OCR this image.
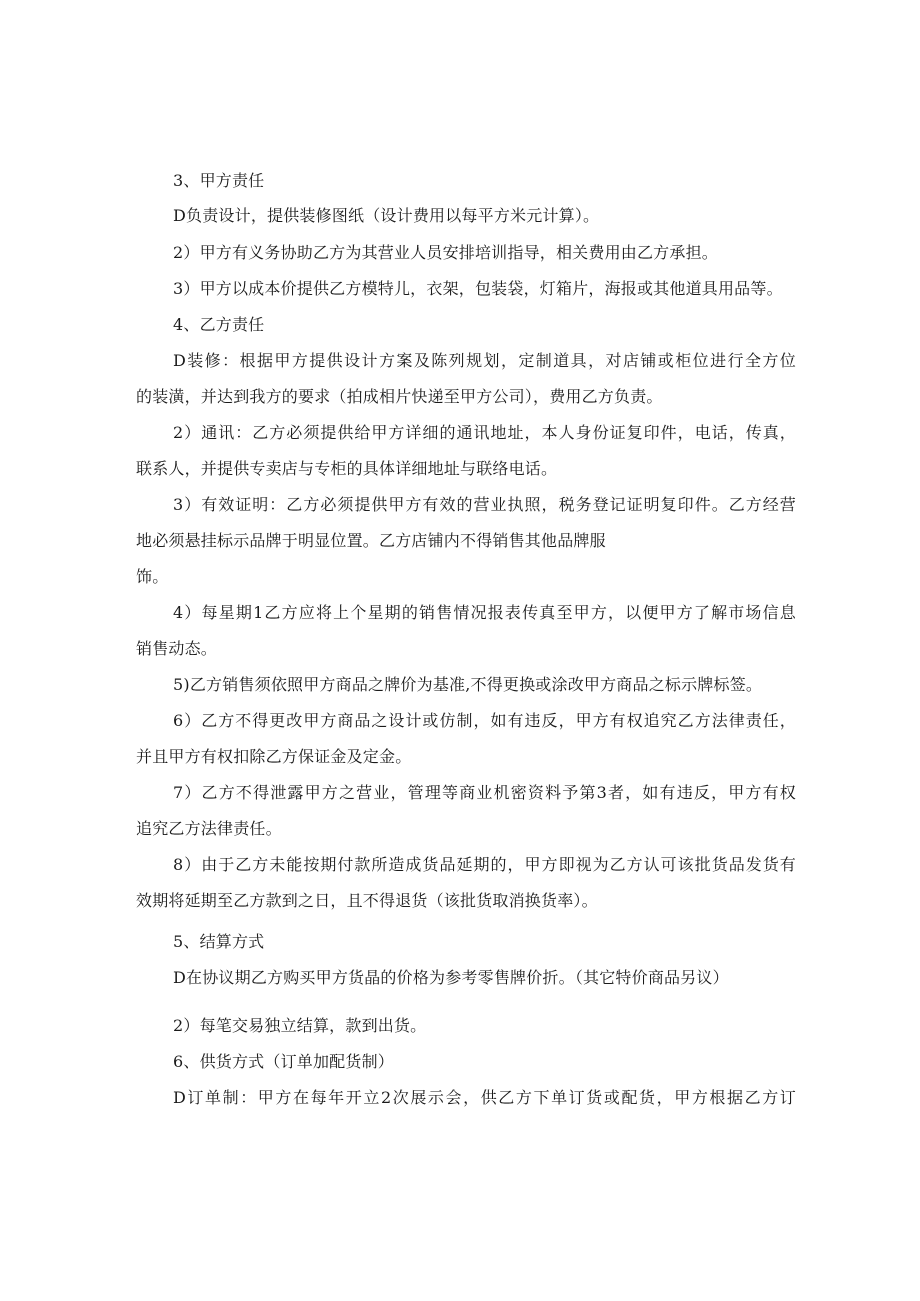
3、甲方责任
D负责设计，提供装修图纸（设计费用以每平方米元计算）。
2）甲方有义务协助乙方为其营业人员安排培训指导，相关费用由乙方承担。
3）甲方以成本价提供乙方模特儿，衣架，包装袋，灯箱片，海报或其他道具用品等。
4、乙方责任
D装修：根据甲方提供设计方案及陈列规划，定制道具，对店铺或柜位进行全方位
的装潢，并达到我方的要求（拍成相片快递至甲方公司），费用乙方负责。
2）通讯：乙方必须提供给甲方详细的通讯地址，本人身份证复印件，电话，传真，
联系人，并提供专卖店与专柜的具体详细地址与联络电话。
3）有效证明：乙方必须提供甲方有效的营业执照，税务登记证明复印件。乙方经营
地必须悬挂标示品牌于明显位置。乙方店铺内不得销售其他品牌服
饰。
4）每星期1乙方应将上个星期的销售情况报表传真至甲方，以便甲方了解市场信息
销售动态。
5)乙方销售须依照甲方商品之牌价为基准,不得更换或涂改甲方商品之标示牌标签。
6）乙方不得更改甲方商品之设计或仿制，如有违反，甲方有权追究乙方法律责任，
并且甲方有权扣除乙方保证金及定金。
7）乙方不得泄露甲方之营业，管理等商业机密资料予第3者，如有违反，甲方有权
追究乙方法律责任。
8）由于乙方未能按期付款所造成货品延期的，甲方即视为乙方认可该批货品发货有
效期将延期至乙方款到之日，且不得退货（该批货取消换货率）。
5、结算方式
D在协议期乙方购买甲方货晶的价格为参考零售牌价折。（其它特价商品另议）
2）每笔交易独立结算，款到出货。
6、供货方式（订单加配货制）
D订单制：甲方在每年开立2次展示会，供乙方下单订货或配货，甲方根据乙方订
